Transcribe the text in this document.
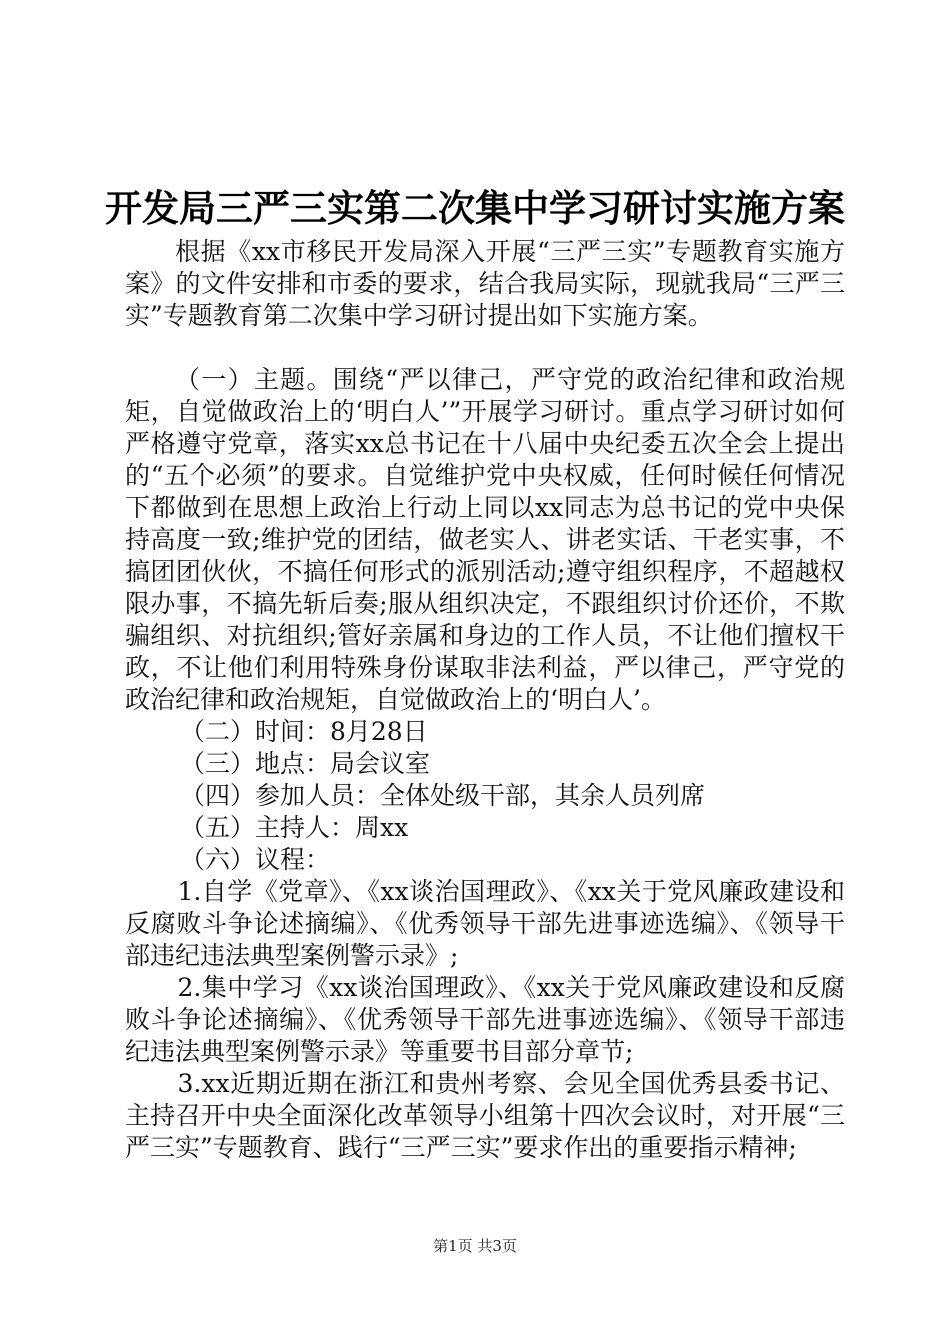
开发局三严三实第二次集中学习研讨实施方案

根据《xx市移民开发局深入开展“三严三实”专题教育实施方案》的文件安排和市委的要求，结合我局实际，现就我局“三严三实”专题教育第二次集中学习研讨提出如下实施方案。

（一）主题。围绕“严以律己，严守党的政治纪律和政治规矩，自觉做政治上的‘明白人’”开展学习研讨。重点学习研讨如何严格遵守党章，落实xx总书记在十八届中央纪委五次全会上提出的“五个必须”的要求。自觉维护党中央权威，任何时候任何情况下都做到在思想上政治上行动上同以xx同志为总书记的党中央保持高度一致;维护党的团结，做老实人、讲老实话、干老实事，不搞团团伙伙，不搞任何形式的派别活动;遵守组织程序，不超越权限办事，不搞先斩后奏;服从组织决定，不跟组织讨价还价，不欺骗组织、对抗组织;管好亲属和身边的工作人员，不让他们擅权干政，不让他们利用特殊身份谋取非法利益，严以律己，严守党的政治纪律和政治规矩，自觉做政治上的‘明白人’。

（二）时间：8月28日

（三）地点：局会议室

（四）参加人员：全体处级干部，其余人员列席

（五）主持人：周xx

（六）议程：

1.自学《党章》、《xx谈治国理政》、《xx关于党风廉政建设和反腐败斗争论述摘编》、《优秀领导干部先进事迹选编》、《领导干部违纪违法典型案例警示录》;

2.集中学习《xx谈治国理政》、《xx关于党风廉政建设和反腐败斗争论述摘编》、《优秀领导干部先进事迹选编》、《领导干部违纪违法典型案例警示录》等重要书目部分章节;

3.xx近期近期在浙江和贵州考察、会见全国优秀县委书记、主持召开中央全面深化改革领导小组第十四次会议时，对开展“三严三实”专题教育、践行“三严三实”要求作出的重要指示精神;

第1页 共3页
